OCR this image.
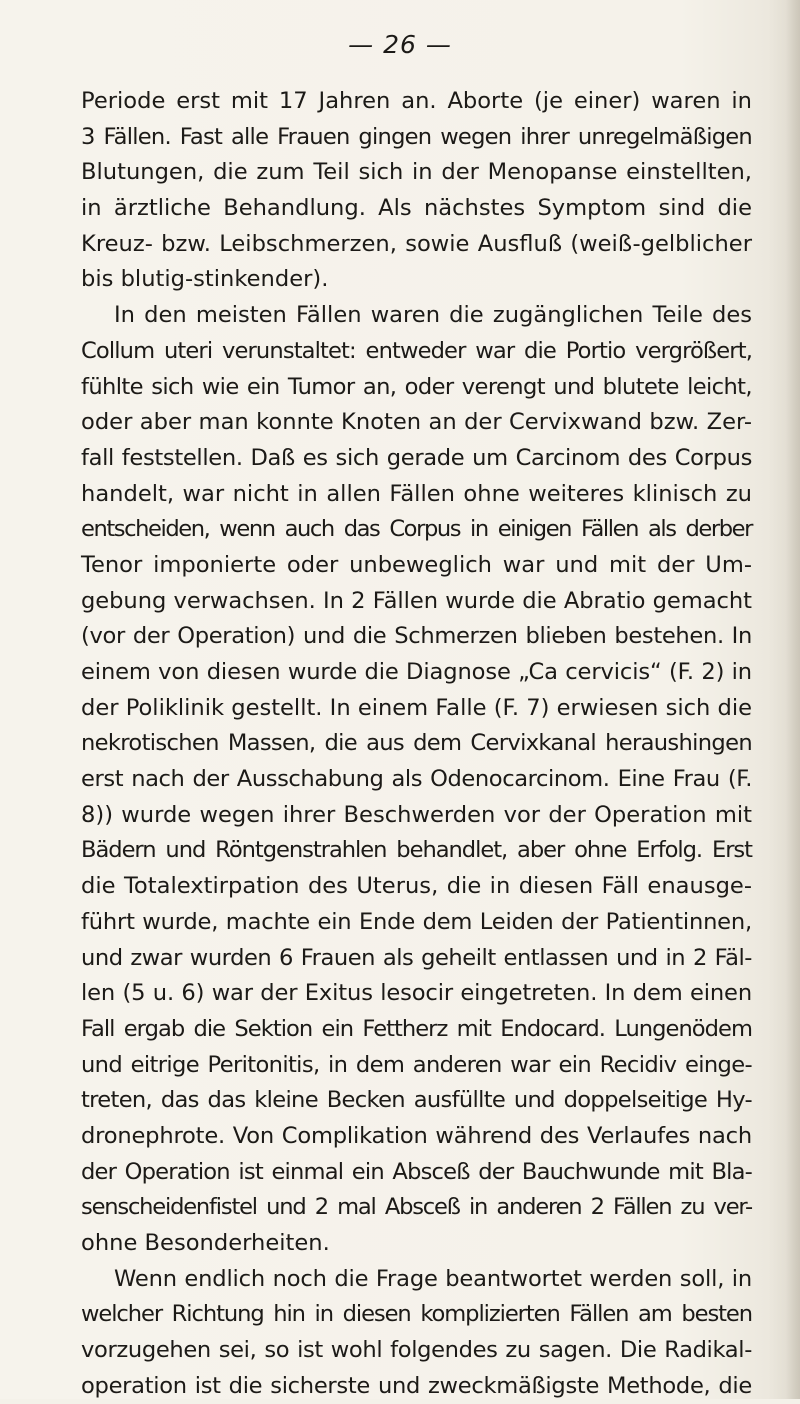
— 26 —
Periode erst mit 17 Jahren an. Aborte (je einer) waren in
3 Fällen. Fast alle Frauen gingen wegen ihrer unregelmäßigen
Blutungen, die zum Teil sich in der Menopanse einstellten,
in ärztliche Behandlung. Als nächstes Symptom sind die
Kreuz- bzw. Leibschmerzen, sowie Ausfluß (weiß-gelblicher
bis blutig-stinkender).
In den meisten Fällen waren die zugänglichen Teile des
Collum uteri verunstaltet: entweder war die Portio vergrößert,
fühlte sich wie ein Tumor an, oder verengt und blutete leicht,
oder aber man konnte Knoten an der Cervixwand bzw. Zer-
fall feststellen. Daß es sich gerade um Carcinom des Corpus
handelt, war nicht in allen Fällen ohne weiteres klinisch zu
entscheiden, wenn auch das Corpus in einigen Fällen als derber
Tenor imponierte oder unbeweglich war und mit der Um-
gebung verwachsen. In 2 Fällen wurde die Abratio gemacht
(vor der Operation) und die Schmerzen blieben bestehen. In
einem von diesen wurde die Diagnose „Ca cervicis“ (F. 2) in
der Poliklinik gestellt. In einem Falle (F. 7) erwiesen sich die
nekrotischen Massen, die aus dem Cervixkanal heraushingen
erst nach der Ausschabung als Odenocarcinom. Eine Frau (F.
8)) wurde wegen ihrer Beschwerden vor der Operation mit
Bädern und Röntgenstrahlen behandlet, aber ohne Erfolg. Erst
die Totalextirpation des Uterus, die in diesen Fäll enausge-
führt wurde, machte ein Ende dem Leiden der Patientinnen,
und zwar wurden 6 Frauen als geheilt entlassen und in 2 Fäl-
len (5 u. 6) war der Exitus lesocir eingetreten. In dem einen
Fall ergab die Sektion ein Fettherz mit Endocard. Lungenödem
und eitrige Peritonitis, in dem anderen war ein Recidiv einge-
treten, das das kleine Becken ausfüllte und doppelseitige Hy-
dronephrote. Von Complikation während des Verlaufes nach
der Operation ist einmal ein Absceß der Bauchwunde mit Bla-
senscheidenfistel und 2 mal Absceß in anderen 2 Fällen zu ver-
ohne Besonderheiten.
Wenn endlich noch die Frage beantwortet werden soll, in
welcher Richtung hin in diesen komplizierten Fällen am besten
vorzugehen sei, so ist wohl folgendes zu sagen. Die Radikal-
operation ist die sicherste und zweckmäßigste Methode, die
